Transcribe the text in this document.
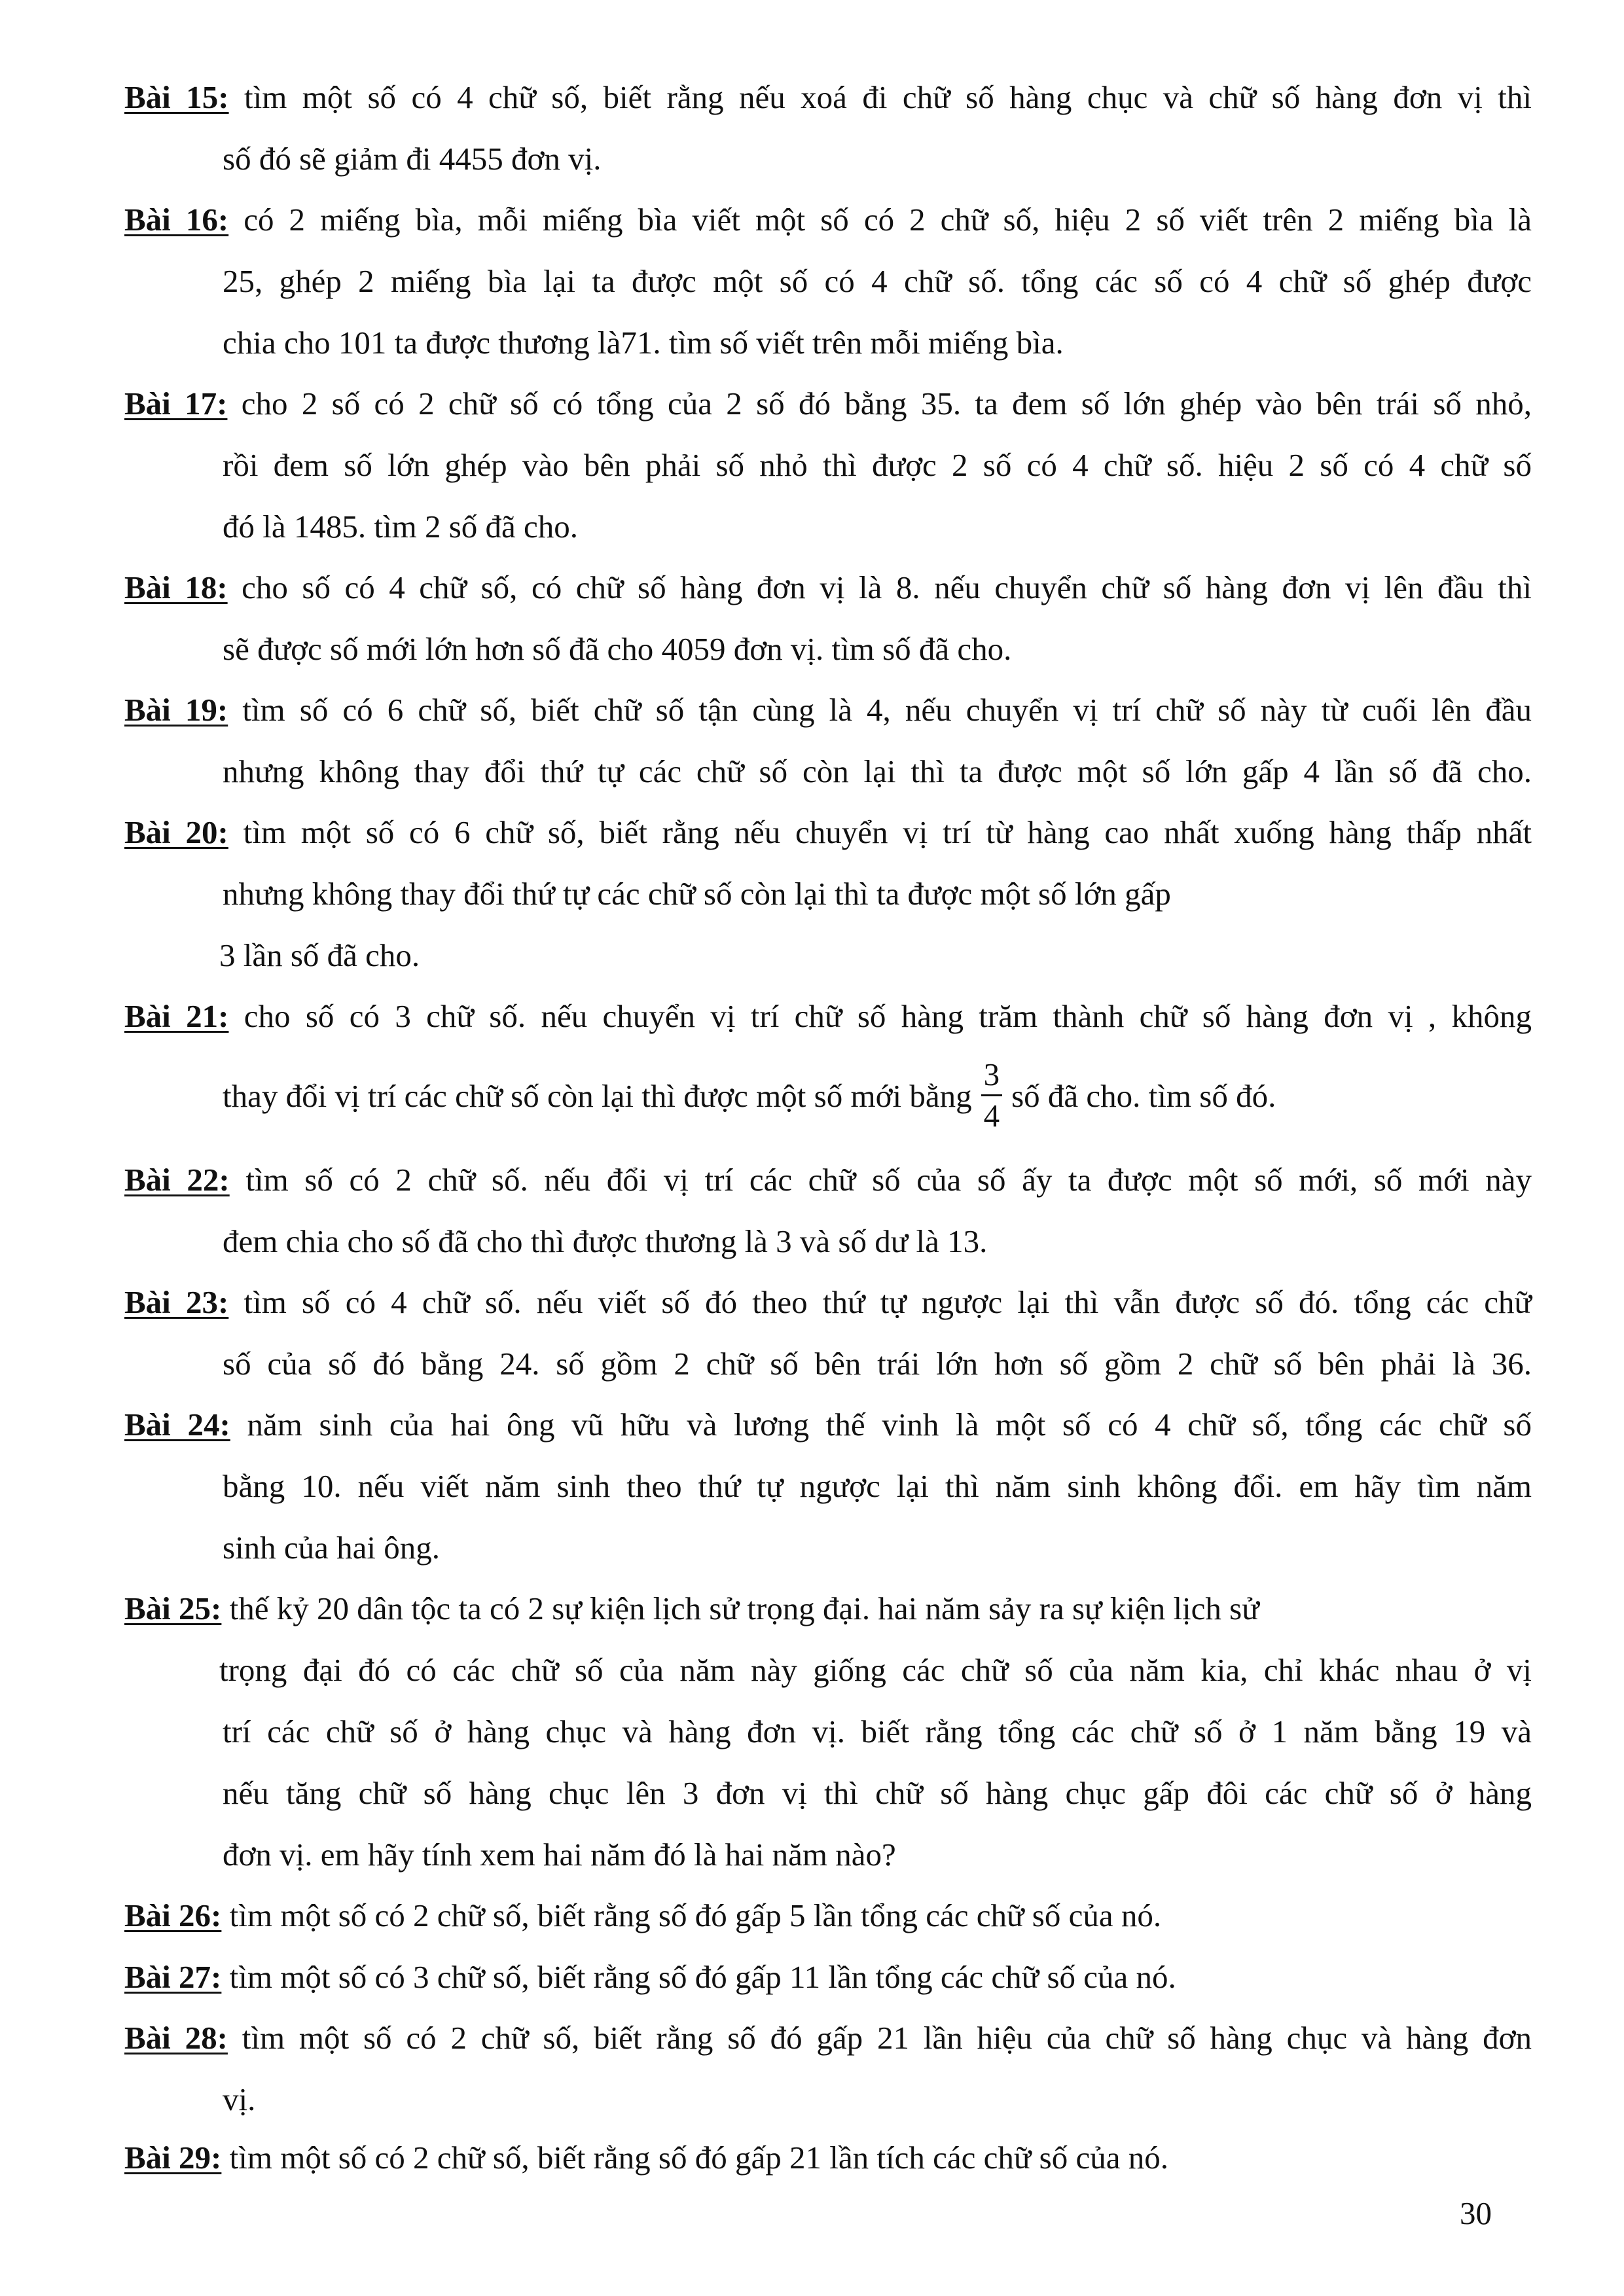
Bài 15: tìm một số có 4 chữ số, biết rằng nếu xoá đi chữ số hàng chục và chữ số hàng đơn vị thì
số đó sẽ giảm đi 4455 đơn vị.
Bài 16: có 2 miếng bìa, mỗi miếng bìa viết một số có 2 chữ số, hiệu 2 số viết trên 2 miếng bìa là
25, ghép 2 miếng bìa lại ta được một số có 4 chữ số. tổng các số có 4 chữ số ghép được
chia cho 101 ta được thương là71. tìm số viết trên mỗi miếng bìa.
Bài 17: cho 2 số có 2 chữ số có tổng của 2 số đó bằng 35. ta đem số lớn ghép vào bên trái số nhỏ,
rồi đem số lớn ghép vào bên phải số nhỏ thì được 2 số có 4 chữ số. hiệu 2 số có 4 chữ số
đó là 1485. tìm 2 số đã cho.
Bài 18: cho số có 4 chữ số, có chữ số hàng đơn vị là 8. nếu chuyển chữ số hàng đơn vị lên đầu thì
sẽ được số mới lớn hơn số đã cho 4059 đơn vị. tìm số đã cho.
Bài 19: tìm số có 6 chữ số, biết chữ số tận cùng là 4, nếu chuyển vị trí chữ số này từ cuối lên đầu
nhưng không thay đổi thứ tự các chữ số còn lại thì ta được một số lớn gấp 4 lần số đã cho.
Bài 20: tìm một số có 6 chữ số, biết rằng nếu chuyển vị trí từ hàng cao nhất xuống hàng thấp nhất
nhưng không thay đổi thứ tự các chữ số còn lại thì ta được một số lớn gấp
3 lần số đã cho.
Bài 21: cho số có 3 chữ số. nếu chuyển vị trí chữ số hàng trăm thành chữ số hàng đơn vị , không
thay đổi vị trí các chữ số còn lại thì được một số mới bằng $\frac{3}{4}$ số đã cho. tìm số đó.
Bài 22: tìm số có 2 chữ số. nếu đổi vị trí các chữ số của số ấy ta được một số mới, số mới này
đem chia cho số đã cho thì được thương là 3 và số dư là 13.
Bài 23: tìm số có 4 chữ số. nếu viết số đó theo thứ tự ngược lại thì vẫn được số đó. tổng các chữ
số của số đó bằng 24. số gồm 2 chữ số bên trái lớn hơn số gồm 2 chữ số bên phải là 36.
Bài 24: năm sinh của hai ông vũ hữu và lương thế vinh là một số có 4 chữ số, tổng các chữ số
bằng 10. nếu viết năm sinh theo thứ tự ngược lại thì năm sinh không đổi. em hãy tìm năm
sinh của hai ông.
Bài 25: thế kỷ 20 dân tộc ta có 2 sự kiện lịch sử trọng đại. hai năm sảy ra sự kiện lịch sử
trọng đại đó có các chữ số của năm này giống các chữ số của năm kia, chỉ khác nhau ở vị
trí các chữ số ở hàng chục và hàng đơn vị. biết rằng tổng các chữ số ở 1 năm bằng 19 và
nếu tăng chữ số hàng chục lên 3 đơn vị thì chữ số hàng chục gấp đôi các chữ số ở hàng
đơn vị. em hãy tính xem hai năm đó là hai năm nào?
Bài 26: tìm một số có 2 chữ số, biết rằng số đó gấp 5 lần tổng các chữ số của nó.
Bài 27: tìm một số có 3 chữ số, biết rằng số đó gấp 11 lần tổng các chữ số của nó.
Bài 28: tìm một số có 2 chữ số, biết rằng số đó gấp 21 lần hiệu của chữ số hàng chục và hàng đơn
vị.
Bài 29: tìm một số có 2 chữ số, biết rằng số đó gấp 21 lần tích các chữ số của nó.
30
